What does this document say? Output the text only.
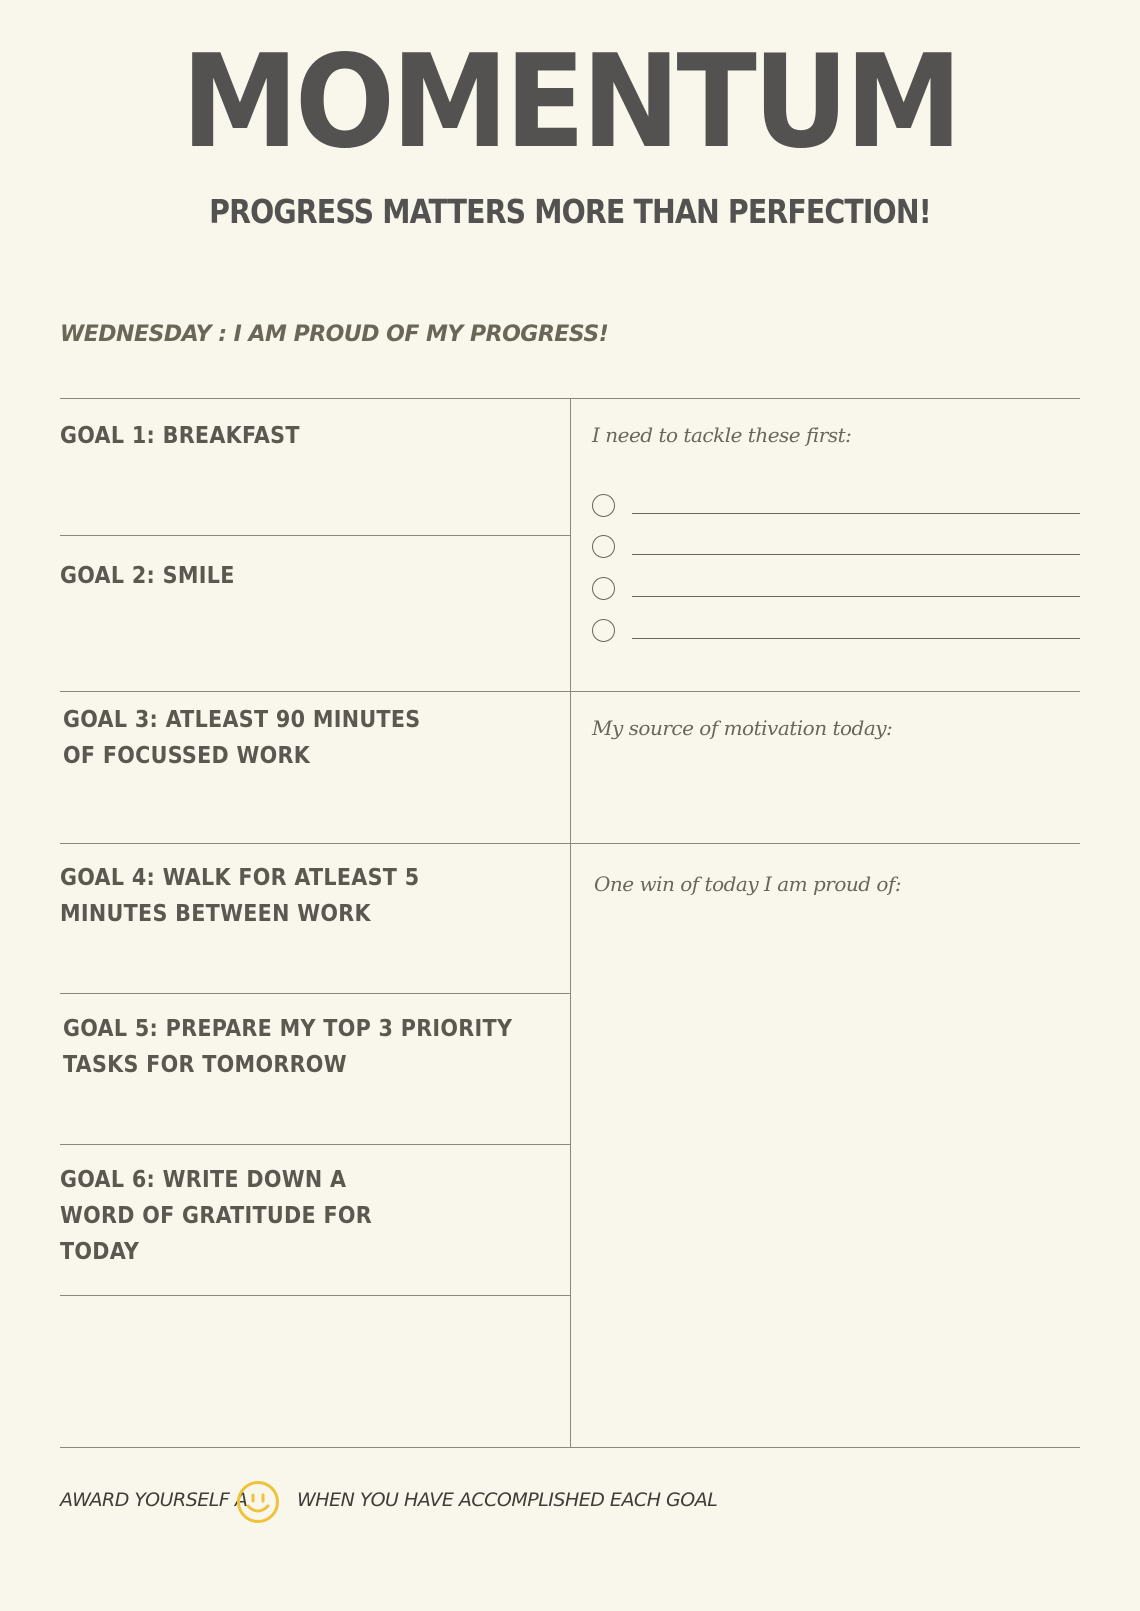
MOMENTUM
PROGRESS MATTERS MORE THAN PERFECTION!
WEDNESDAY : I AM PROUD OF MY PROGRESS!
GOAL 1: BREAKFAST
GOAL 2: SMILE
GOAL 3: ATLEAST 90 MINUTES OF FOCUSSED WORK
GOAL 4: WALK FOR ATLEAST 5 MINUTES BETWEEN WORK
GOAL 5: PREPARE MY TOP 3 PRIORITY TASKS FOR TOMORROW
GOAL 6: WRITE DOWN A WORD OF GRATITUDE FOR TODAY
I need to tackle these first:
My source of motivation today:
One win of today I am proud of:
AWARD YOURSELF A	WHEN YOU HAVE ACCOMPLISHED EACH GOAL
